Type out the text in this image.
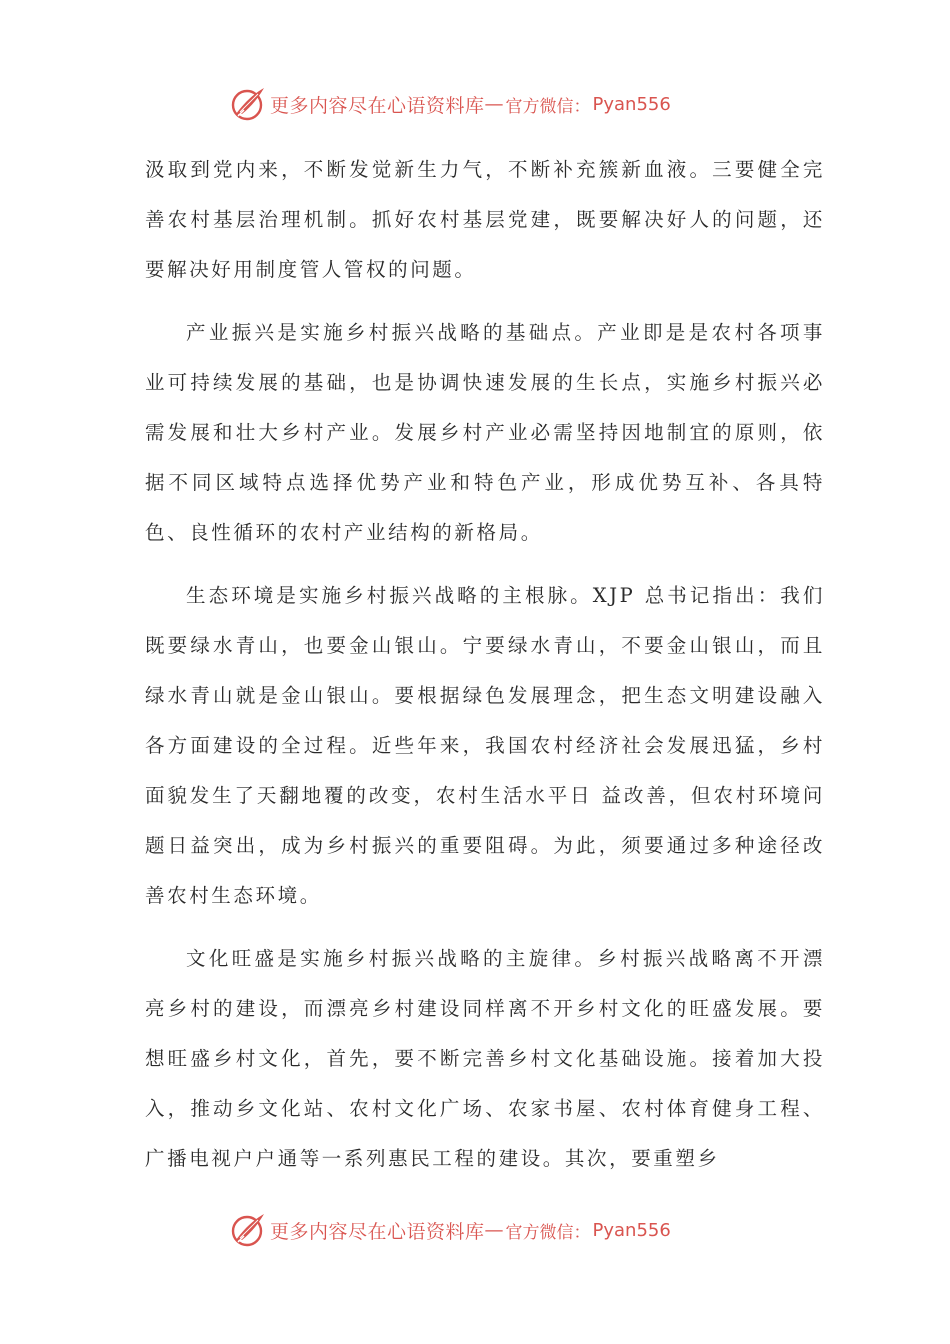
更多内容尽在心语资料库 — 官方微信： Pyan556

汲取到党内来，不断发觉新生力气，不断补充簇新血液。三要健全完善农村基层治理机制。抓好农村基层党建，既要解决好人的问题，还要解决好用制度管人管权的问题。

产业振兴是实施乡村振兴战略的基础点。产业即是是农村各项事业可持续发展的基础，也是协调快速发展的生长点，实施乡村振兴必需发展和壮大乡村产业。发展乡村产业必需坚持因地制宜的原则，依据不同区域特点选择优势产业和特色产业，形成优势互补、各具特色、良性循环的农村产业结构的新格局。

生态环境是实施乡村振兴战略的主根脉。XJP 总书记指出：我们既要绿水青山，也要金山银山。宁要绿水青山，不要金山银山，而且绿水青山就是金山银山。要根据绿色发展理念，把生态文明建设融入各方面建设的全过程。近些年来，我国农村经济社会发展迅猛，乡村面貌发生了天翻地覆的改变，农村生活水平日 益改善，但农村环境问题日益突出，成为乡村振兴的重要阻碍。为此，须要通过多种途径改善农村生态环境。

文化旺盛是实施乡村振兴战略的主旋律。乡村振兴战略离不开漂亮乡村的建设，而漂亮乡村建设同样离不开乡村文化的旺盛发展。要想旺盛乡村文化，首先，要不断完善乡村文化基础设施。接着加大投入，推动乡文化站、农村文化广场、农家书屋、农村体育健身工程、广播电视户户通等一系列惠民工程的建设。其次，要重塑乡

更多内容尽在心语资料库 — 官方微信： Pyan556
